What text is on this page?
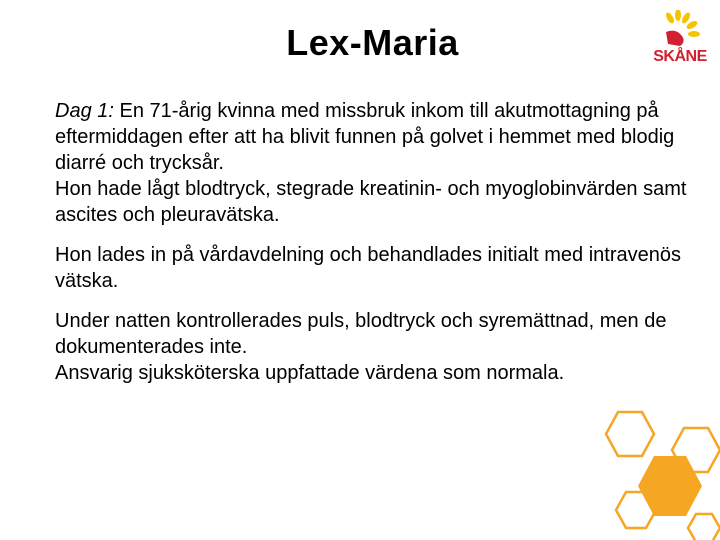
Lex-Maria	SKÅNE

Dag 1: En 71-årig kvinna med missbruk inkom till akutmottagning på eftermiddagen efter att ha blivit funnen på golvet i hemmet med blodig diarré och trycksår.

Hon hade lågt blodtryck, stegrade kreatinin- och myoglobinvärden samt ascites och pleuravätska.

Hon lades in på vårdavdelning och behandlades initialt med intravenös vätska.

Under natten kontrollerades puls, blodtryck och syremättnad, men de dokumenterades inte.

Ansvarig sjuksköterska uppfattade värdena som normala.
